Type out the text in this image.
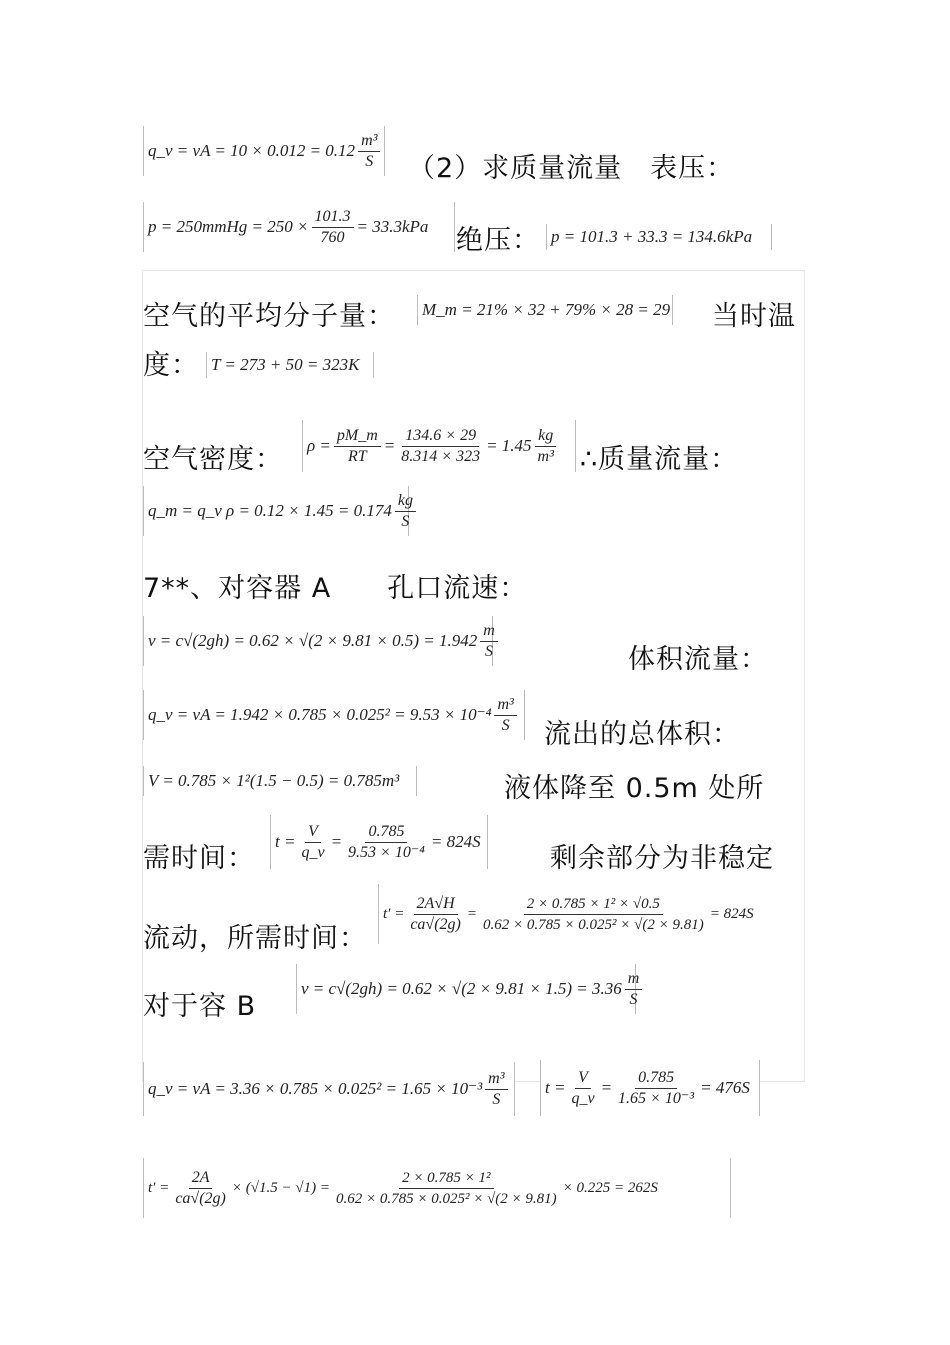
q_v = vA = $10 \times 0.012 = 0.12 \frac{\text{m³}}{S} (2)$求质量流量　表压：
p = 250mmHg = $250 \times \frac{101.3}{760} = 33.3kPa$ 绝压： p = 101.3 + 33.3 = 134.6kPa
空气的平均分子量： M_m = 21% × 32 + 79% × 28 = 29 当时温
度： T = 273 + 50 = 323K
空气密度： $\rho = \frac{pM\_m}{RT} = \frac{134.6 \times 29}{8.314 \times 323} = 1.45 \frac{kg}{\text{m³}}$ ∴质量流量：
q_m = q_v $\rho = 0.12 \times 1.45 = 0.174 \frac{kg}{S}$
7**、对容器 A　　孔口流速：
$v = c√(2gh) = 0.62 \times √(2 \times 9.81 \times 0.5) = 1.942 \frac{m}{S}$	体积流量：
q_v = vA = $1.942 \times 0.785 \times 0.025^2 = 9.53 \times 10^{-4} \frac{\text{m³}}{S}$ 流出的总体积：
V = 0.785 × 1²(1.5 − 0.5) = 0.785m³	液体降至 0.5m 处所
需时间：
$t = \frac{V}{q\_v} = \frac{0.785}{\text{9.53 × 10⁻⁴}} = 824S$
剩余部分为非稳定
流动，所需时间：
$t' = \frac{2A√H}{ca√(2g)} = \frac{\text{2 × 0.785 × 1² × √0.5}}{\text{0.62 × 0.785 × 0.025² × √(2 × 9.81)}} = 824S$
对于容 B
$v = c√(2gh) = 0.62 \times √(2 \times 9.81 \times 1.5) = 3.36 \frac{m}{S}$
q_v = vA = $3.36 \times 0.785 \times 0.025^2 = 1.65 \times 10^{-3} \frac{\text{m³}}{S}$ $t = \frac{V}{q\_v} = \frac{0.785}{\text{1.65 × 10⁻³}} = 476S$
$t' = \frac{2A}{ca√(2g)} \times (√1.5 - √1) = \frac{\text{2 × 0.785 × 1²}}{\text{0.62 × 0.785 × 0.025² × √(2 × 9.81)}} \times 0.225 = 262S$
